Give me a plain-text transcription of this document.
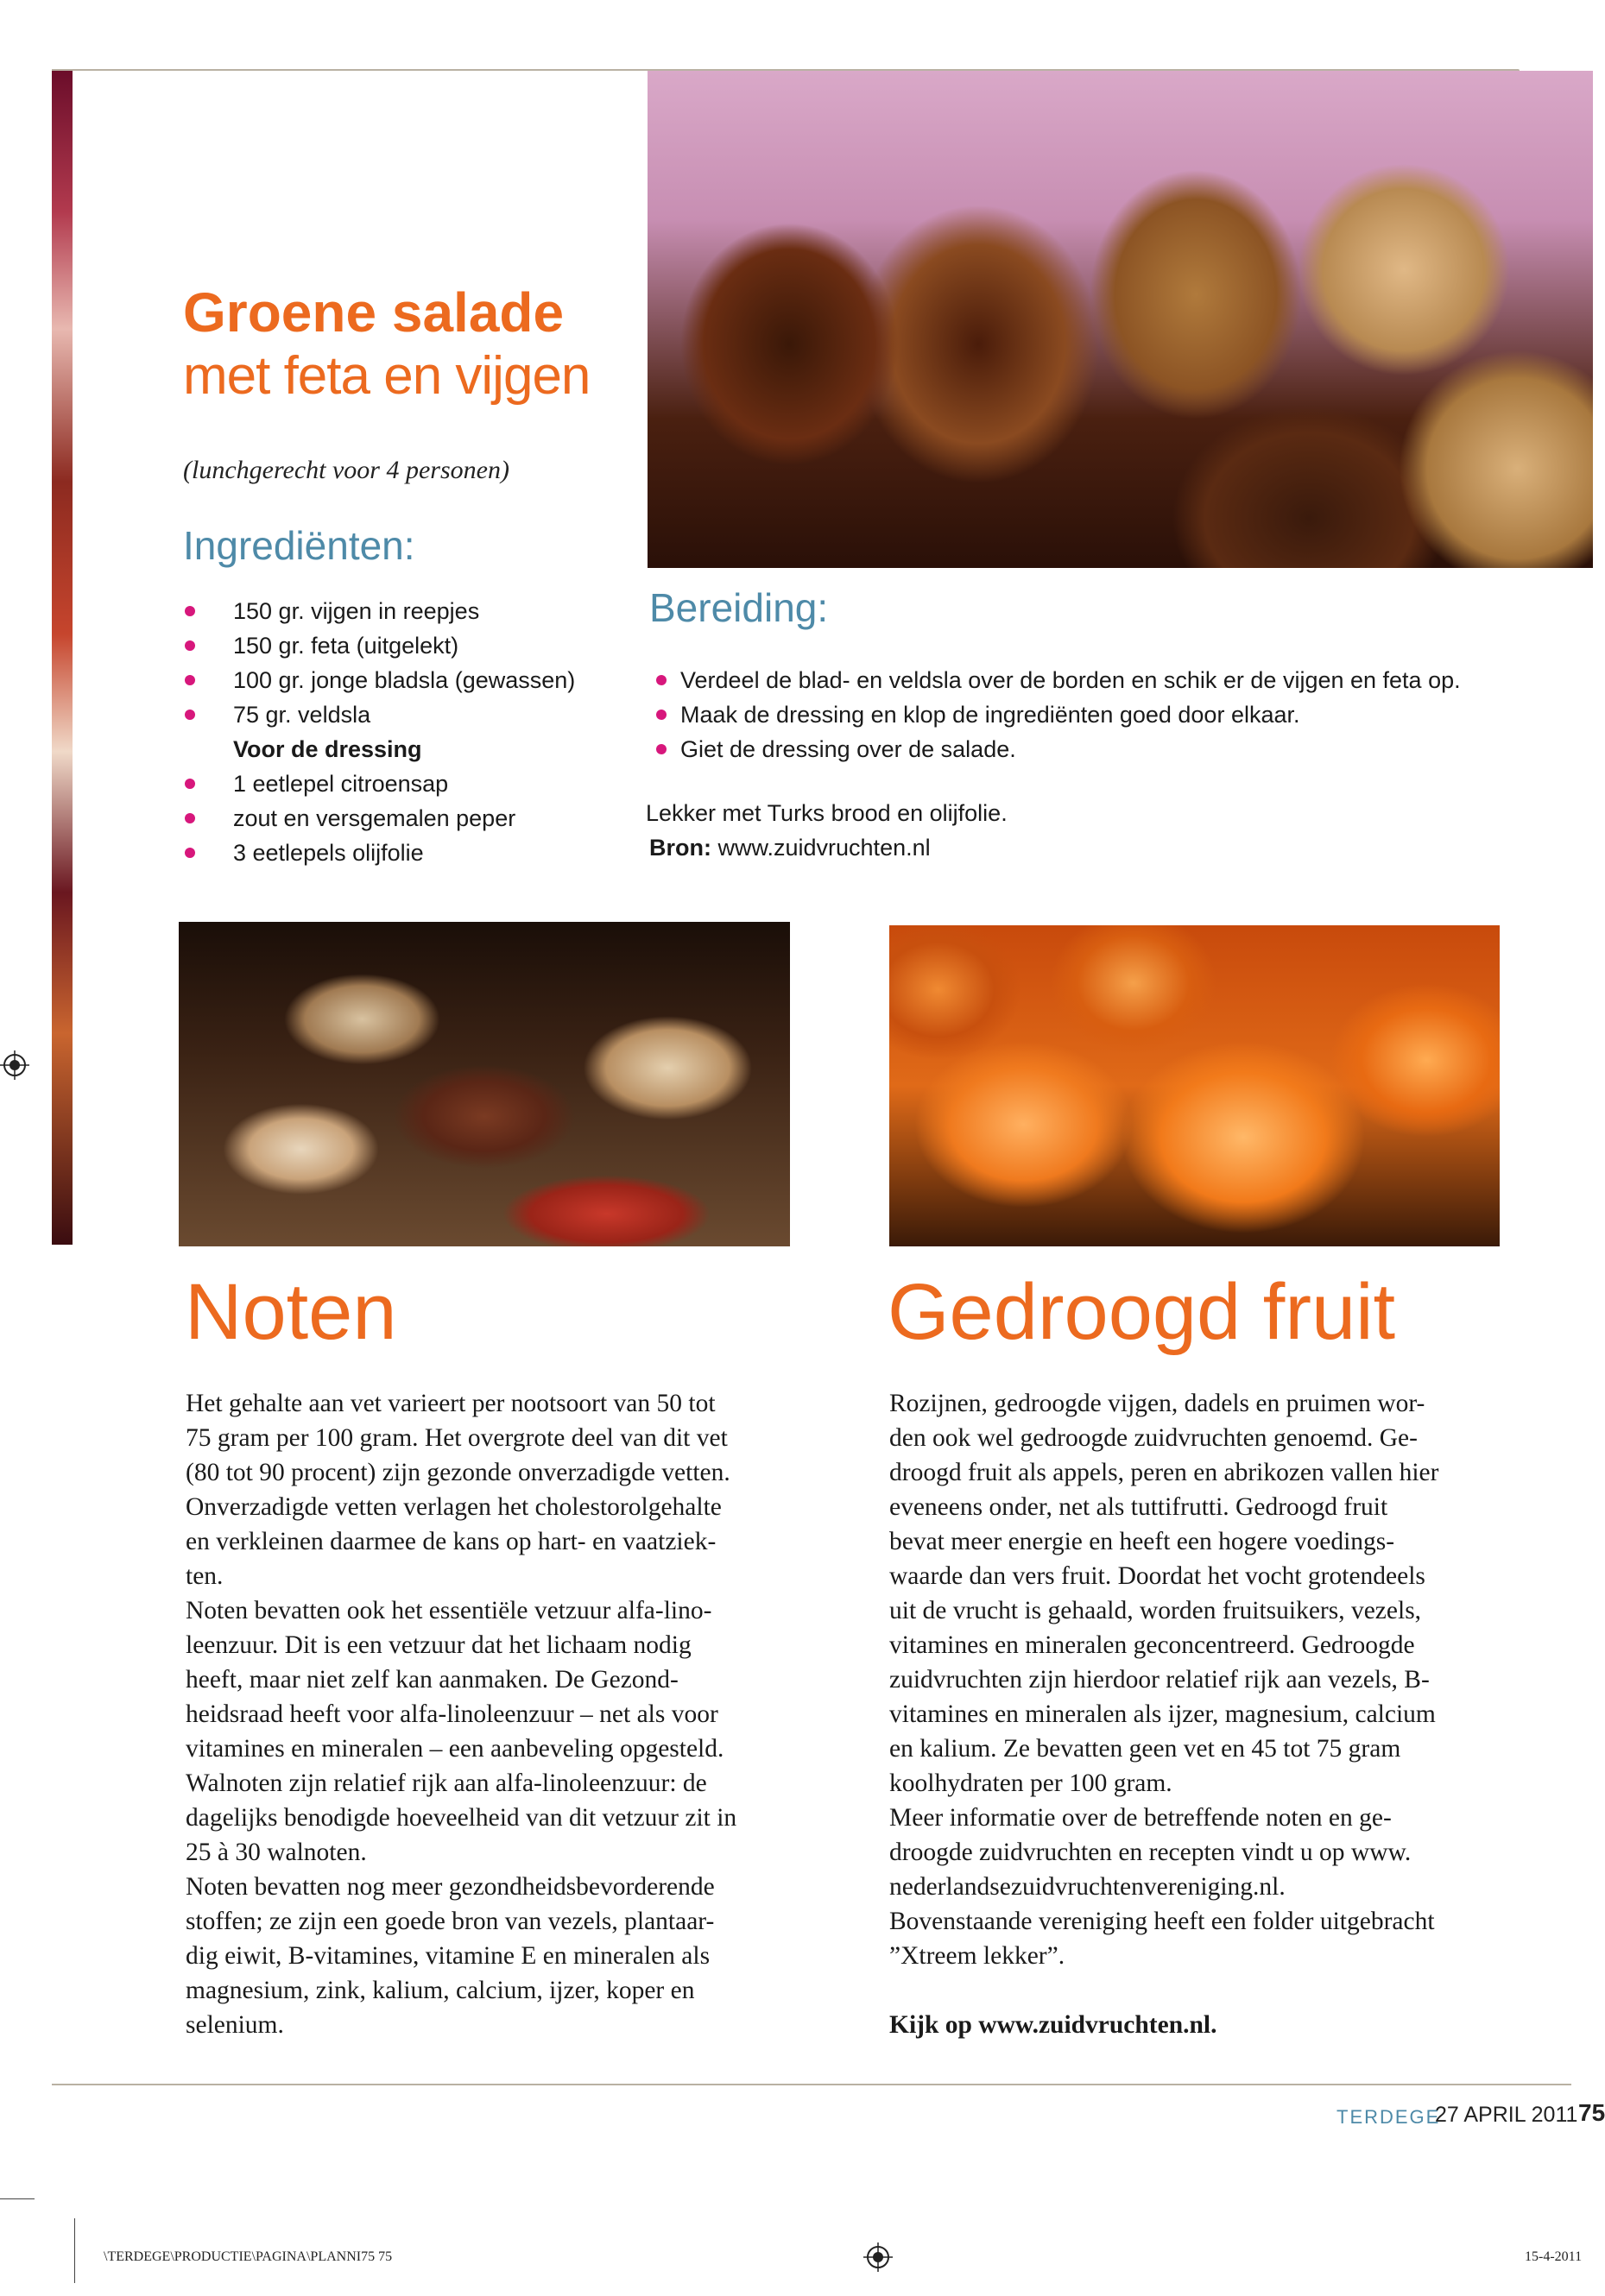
Groene salade
met feta en vijgen
(lunchgerecht voor 4 personen)
Ingrediënten:
150 gr. vijgen in reepjes
150 gr. feta (uitgelekt)
100 gr. jonge bladsla (gewassen)
75 gr. veldsla
Voor de dressing
1 eetlepel citroensap
zout en versgemalen peper
3 eetlepels olijfolie
Bereiding:
Verdeel de blad- en veldsla over de borden en schik er de vijgen en feta op.
Maak de dressing en klop de ingrediënten goed door elkaar.
Giet de dressing over de salade.
Lekker met Turks brood en olijfolie.
Bron: www.zuidvruchten.nl
Noten	Gedroogd fruit
Het gehalte aan vet varieert per nootsoort van 50 tot
75 gram per 100 gram. Het overgrote deel van dit vet
(80 tot 90 procent) zijn gezonde onverzadigde vetten.
Onverzadigde vetten verlagen het cholestorolgehalte
en verkleinen daarmee de kans op hart- en vaatziek-
ten.
Noten bevatten ook het essentiële vetzuur alfa-lino-
leenzuur. Dit is een vetzuur dat het lichaam nodig
heeft, maar niet zelf kan aanmaken. De Gezond-
heidsraad heeft voor alfa-linoleenzuur – net als voor
vitamines en mineralen – een aanbeveling opgesteld.
Walnoten zijn relatief rijk aan alfa-linoleenzuur: de
dagelijks benodigde hoeveelheid van dit vetzuur zit in
25 à 30 walnoten.
Noten bevatten nog meer gezondheidsbevorderende
stoffen; ze zijn een goede bron van vezels, plantaar-
dig eiwit, B-vitamines, vitamine E en mineralen als
magnesium, zink, kalium, calcium, ijzer, koper en
selenium.
Rozijnen, gedroogde vijgen, dadels en pruimen wor-
den ook wel gedroogde zuidvruchten genoemd. Ge-
droogd fruit als appels, peren en abrikozen vallen hier
eveneens onder, net als tuttifrutti. Gedroogd fruit
bevat meer energie en heeft een hogere voedings-
waarde dan vers fruit. Doordat het vocht grotendeels
uit de vrucht is gehaald, worden fruitsuikers, vezels,
vitamines en mineralen geconcentreerd. Gedroogde
zuidvruchten zijn hierdoor relatief rijk aan vezels, B-
vitamines en mineralen als ijzer, magnesium, calcium
en kalium. Ze bevatten geen vet en 45 tot 75 gram
koolhydraten per 100 gram.
Meer informatie over de betreffende noten en ge-
droogde zuidvruchten en recepten vindt u op www.
nederlandsezuidvruchtenvereniging.nl.
Bovenstaande vereniging heeft een folder uitgebracht
”Xtreem lekker”.
Kijk op www.zuidvruchten.nl.
TERDEGE
27 APRIL 2011 75
\TERDEGE\PRODUCTIE\PAGINA\PLANNI75 75	15-4-2011
